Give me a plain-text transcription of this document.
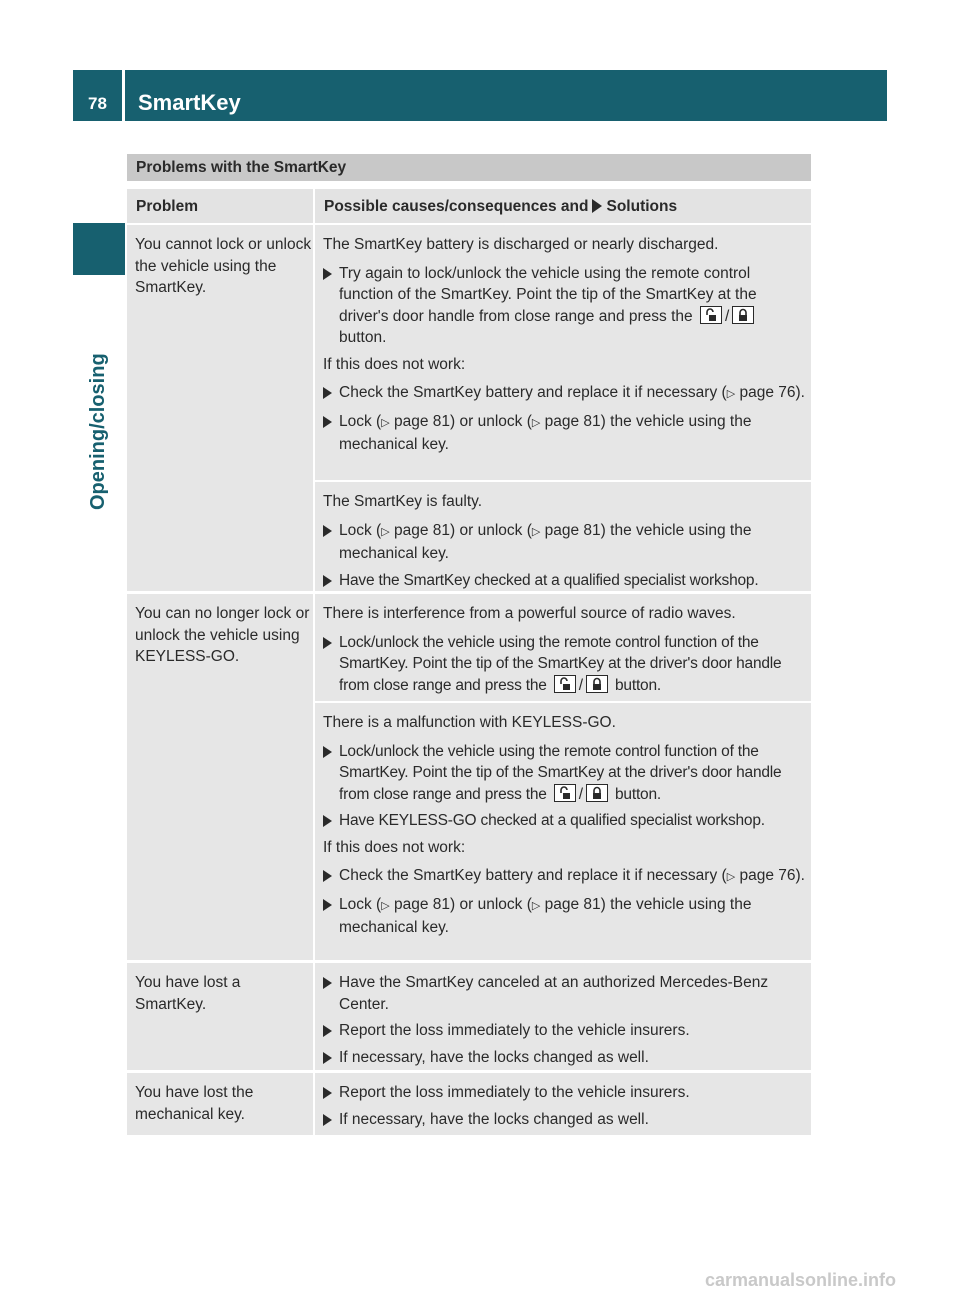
78	SmartKey
Opening/closing
Problems with the SmartKey
Problem	Possible causes/consequences and Solutions
You cannot lock or unlock the vehicle using the SmartKey.

The SmartKey battery is discharged or nearly discharged.

Try again to lock/unlock the vehicle using the remote control function of the SmartKey. Point the tip of the SmartKey at the driver's door handle from close range and press the /
button.

If this does not work:

Check the SmartKey battery and replace it if necessary (▷ page 76).
Lock (▷ page 81) or unlock (▷ page 81) the vehicle using the mechanical key.

The SmartKey is faulty.

Lock (▷ page 81) or unlock (▷ page 81) the vehicle using the mechanical key.
Have the SmartKey checked at a qualified specialist workshop.
You can no longer lock or unlock the vehicle using KEYLESS-GO.

There is interference from a powerful source of radio waves.

Lock/unlock the vehicle using the remote control function of the SmartKey. Point the tip of the SmartKey at the driver's door handle from close range and press the / button.

There is a malfunction with KEYLESS-GO.

Lock/unlock the vehicle using the remote control function of the SmartKey. Point the tip of the SmartKey at the driver's door handle from close range and press the / button.
Have KEYLESS-GO checked at a qualified specialist workshop.

If this does not work:

Check the SmartKey battery and replace it if necessary (▷ page 76).
Lock (▷ page 81) or unlock (▷ page 81) the vehicle using the mechanical key.
You have lost a SmartKey.
Have the SmartKey canceled at an authorized Mercedes-Benz Center.
Report the loss immediately to the vehicle insurers.
If necessary, have the locks changed as well.
You have lost the mechanical key.
Report the loss immediately to the vehicle insurers.
If necessary, have the locks changed as well.
carmanualsonline.info
